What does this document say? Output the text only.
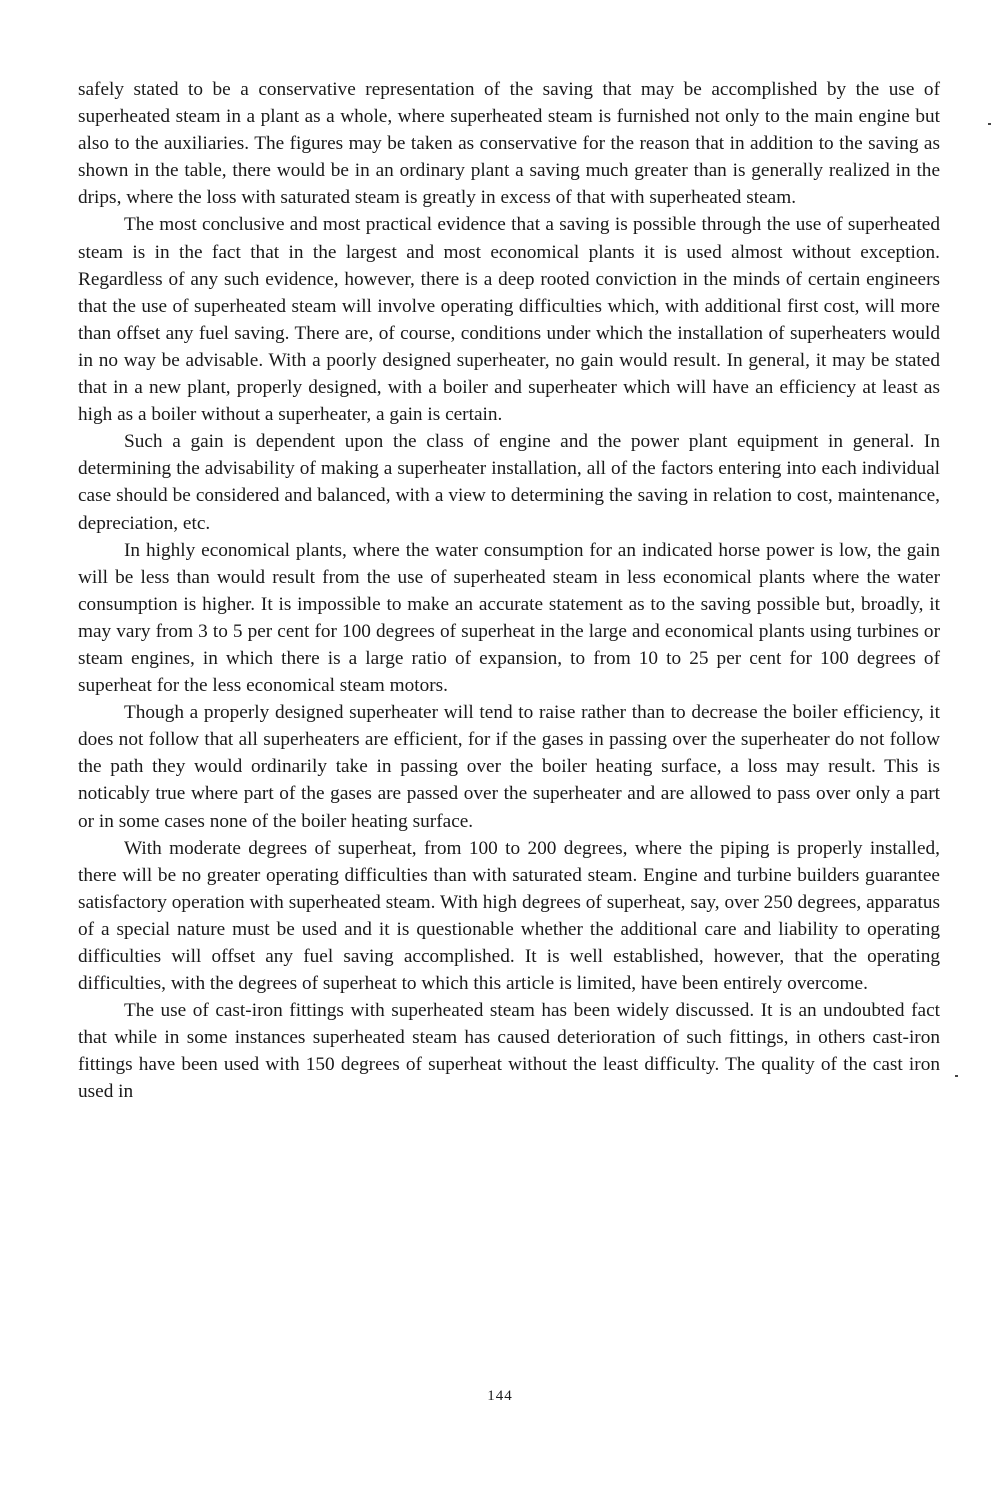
safely stated to be a conservative representation of the saving that may be accomplished by the use of superheated steam in a plant as a whole, where superheated steam is furnished not only to the main engine but also to the auxiliaries. The figures may be taken as conservative for the reason that in addition to the saving as shown in the table, there would be in an ordinary plant a saving much greater than is generally realized in the drips, where the loss with saturated steam is greatly in excess of that with superheated steam.

The most conclusive and most practical evidence that a saving is possible through the use of superheated steam is in the fact that in the largest and most economical plants it is used almost without exception. Regardless of any such evidence, however, there is a deep rooted conviction in the minds of certain engineers that the use of superheated steam will involve operating difficulties which, with additional first cost, will more than offset any fuel saving. There are, of course, conditions under which the installation of superheaters would in no way be advisable. With a poorly designed superheater, no gain would result. In general, it may be stated that in a new plant, properly designed, with a boiler and superheater which will have an efficiency at least as high as a boiler without a superheater, a gain is certain.

Such a gain is dependent upon the class of engine and the power plant equipment in general. In determining the advisability of making a superheater installation, all of the factors entering into each individual case should be considered and balanced, with a view to determining the saving in relation to cost, maintenance, depreciation, etc.

In highly economical plants, where the water consumption for an indicated horse power is low, the gain will be less than would result from the use of superheated steam in less economical plants where the water consumption is higher. It is impossible to make an accurate statement as to the saving possible but, broadly, it may vary from 3 to 5 per cent for 100 degrees of superheat in the large and economical plants using turbines or steam engines, in which there is a large ratio of expansion, to from 10 to 25 per cent for 100 degrees of superheat for the less economical steam motors.

Though a properly designed superheater will tend to raise rather than to decrease the boiler efficiency, it does not follow that all superheaters are efficient, for if the gases in passing over the superheater do not follow the path they would ordinarily take in passing over the boiler heating surface, a loss may result. This is noticably true where part of the gases are passed over the superheater and are allowed to pass over only a part or in some cases none of the boiler heating surface.

With moderate degrees of superheat, from 100 to 200 degrees, where the piping is properly installed, there will be no greater operating difficulties than with saturated steam. Engine and turbine builders guarantee satisfactory operation with superheated steam. With high degrees of superheat, say, over 250 degrees, apparatus of a special nature must be used and it is questionable whether the additional care and liability to operating difficulties will offset any fuel saving accomplished. It is well established, however, that the operating difficulties, with the degrees of superheat to which this article is limited, have been entirely overcome.

The use of cast-iron fittings with superheated steam has been widely discussed. It is an undoubted fact that while in some instances superheated steam has caused deterioration of such fittings, in others cast-iron fittings have been used with 150 degrees of superheat without the least difficulty. The quality of the cast iron used in

144
